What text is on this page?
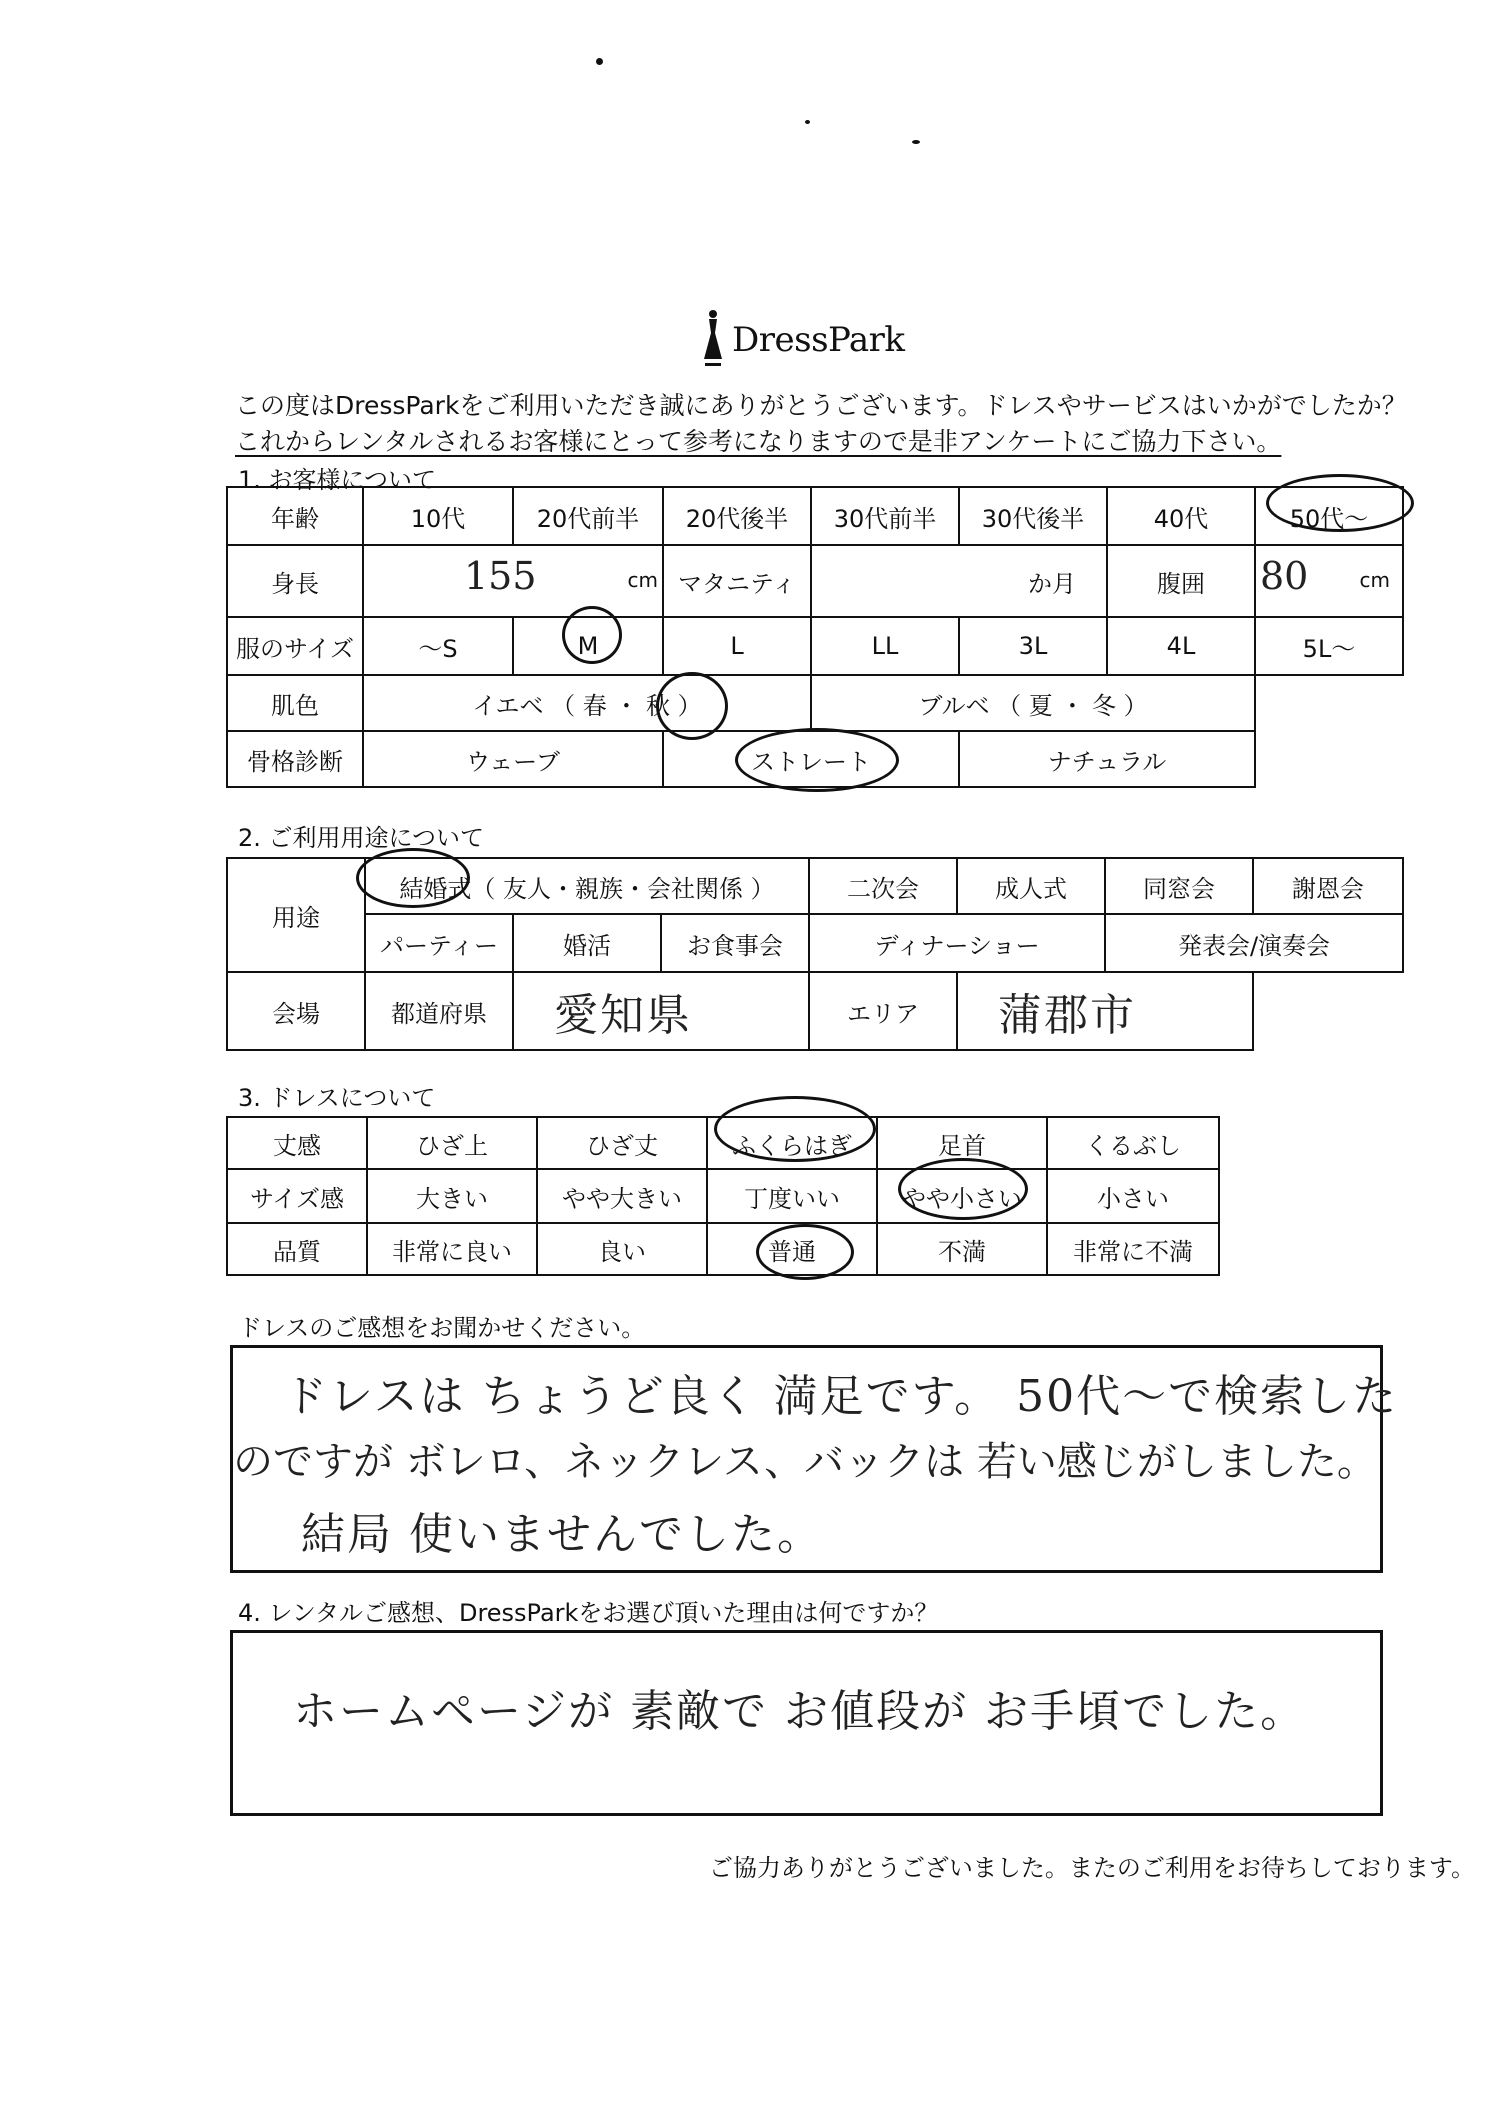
DressPark
この度はDressParkをご利用いただき誠にありがとうございます。ドレスやサービスはいかがでしたか？
これからレンタルされるお客様にとって参考になりますので是非アンケートにご協力下さい。
1. お客様について
年齢	10代	20代前半	20代後半	30代前半	30代後半	40代	50代～
身長	155 cm		マタニティ	か月		腹囲	80 cm

服のサイズ	～S	M	L	LL	3L	4L	5L～
肌色	イエベ （ 春 ・ 秋 ）			ブルベ （ 夏 ・ 冬 ）			
骨格診断	ウェーブ		ストレート		ナチュラル		
2. ご利用用途について
用途	結婚式（ 友人・親族・会社関係 ）			二次会	成人式	同窓会	謝恩会
	パーティー	婚活	お食事会	ディナーショー		発表会/演奏会	
会場	都道府県	愛知県		エリア	蒲郡市		

3. ドレスについて
丈感	ひざ上	ひざ丈	ふくらはぎ	足首	くるぶし
サイズ感	大きい	やや大きい	丁度いい	やや小さい	小さい
品質	非常に良い	良い	普通	不満	非常に不満
ドレスのご感想をお聞かせください。
ドレスは ちょうど良く 満足です。 50代～で検索した
のですが ボレロ、ネックレス、バックは 若い感じがしました。
結局 使いませんでした。
4. レンタルご感想、DressParkをお選び頂いた理由は何ですか？
ホームページが 素敵で お値段が お手頃でした。
ご協力ありがとうございました。またのご利用をお待ちしております。
